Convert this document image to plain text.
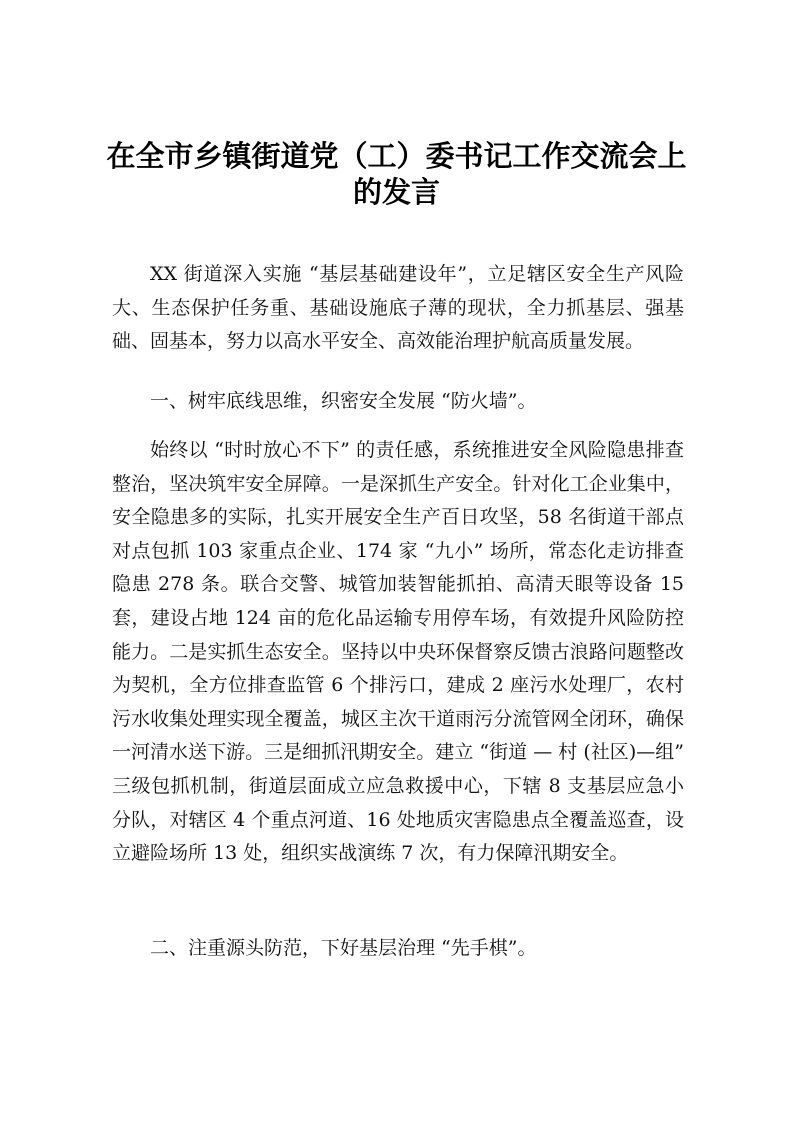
在全市乡镇街道党（工）委书记工作交流会上的发言

XX 街道深入实施 “基层基础建设年”，立足辖区安全生产风险大、生态保护任务重、基础设施底子薄的现状，全力抓基层、强基础、固基本，努力以高水平安全、高效能治理护航高质量发展。

一、树牢底线思维，织密安全发展 “防火墙”。

始终以 “时时放心不下” 的责任感，系统推进安全风险隐患排查整治，坚决筑牢安全屏障。一是深抓生产安全。针对化工企业集中，安全隐患多的实际，扎实开展安全生产百日攻坚，58 名街道干部点对点包抓 103 家重点企业、174 家 “九小” 场所，常态化走访排查隐患 278 条。联合交警、城管加装智能抓拍、高清天眼等设备 15 套，建设占地 124 亩的危化品运输专用停车场，有效提升风险防控能力。二是实抓生态安全。坚持以中央环保督察反馈古浪路问题整改为契机，全方位排查监管 6 个排污口，建成 2 座污水处理厂，农村污水收集处理实现全覆盖，城区主次干道雨污分流管网全闭环，确保一河清水送下游。三是细抓汛期安全。建立 “街道 — 村 (社区)—组” 三级包抓机制，街道层面成立应急救援中心，下辖 8 支基层应急小分队，对辖区 4 个重点河道、16 处地质灾害隐患点全覆盖巡查，设立避险场所 13 处，组织实战演练 7 次，有力保障汛期安全。

二、注重源头防范，下好基层治理 “先手棋”。
